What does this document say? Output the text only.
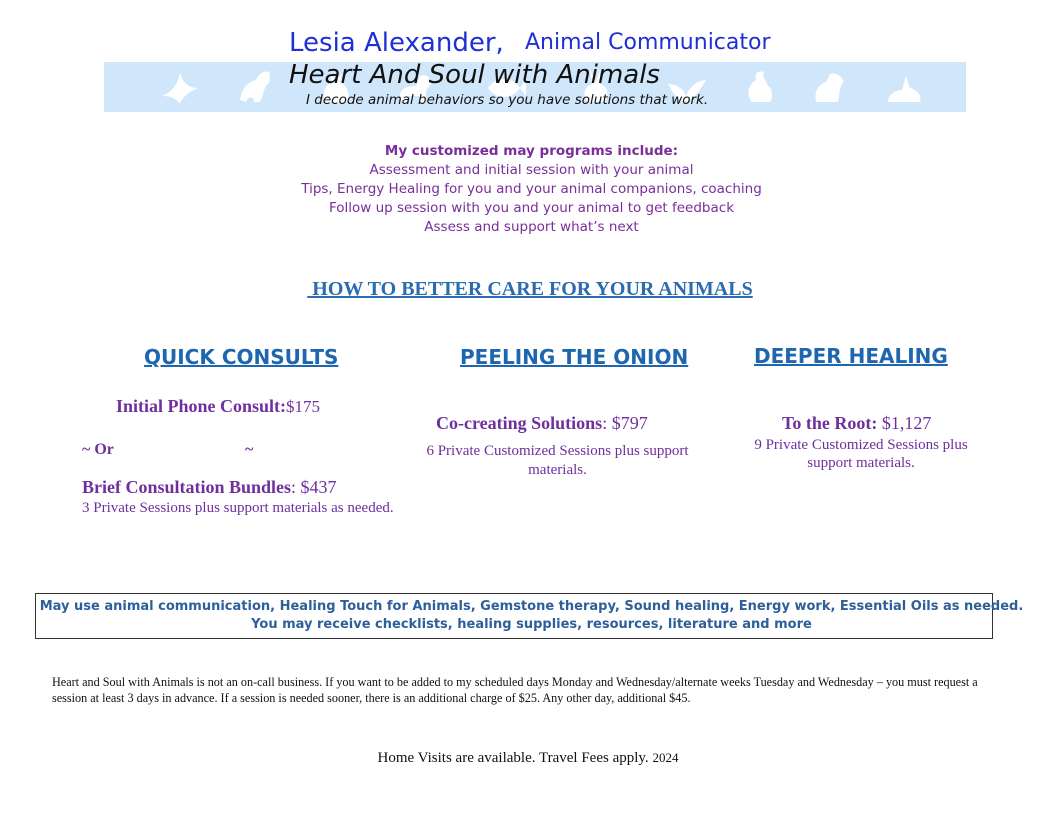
Lesia Alexander, Animal Communicator
Heart And Soul with Animals
I decode animal behaviors so you have solutions that work.
My customized may programs include:
Assessment and initial session with your animal
Tips, Energy Healing for you and your animal companions, coaching
Follow up session with you and your animal to get feedback
Assess and support what’s next
HOW TO BETTER CARE FOR YOUR ANIMALS
QUICK CONSULTS
Initial Phone Consult:$175
~ Or	~
Brief Consultation Bundles: $437
3 Private Sessions plus support materials as needed.
PEELING THE ONION
Co-creating Solutions: $797
6 Private Customized Sessions plus support materials.
DEEPER HEALING
To the Root: $1,127
9 Private Customized Sessions plus support materials.
May use animal communication, Healing Touch for Animals, Gemstone therapy, Sound healing, Energy work, Essential Oils as needed.
You may receive checklists, healing supplies, resources, literature and more
Heart and Soul with Animals is not an on-call business. If you want to be added to my scheduled days Monday and Wednesday/alternate weeks Tuesday and Wednesday – you must request a session at least 3 days in advance. If a session is needed sooner, there is an additional charge of $25. Any other day, additional $45.
Home Visits are available. Travel Fees apply. 2024
